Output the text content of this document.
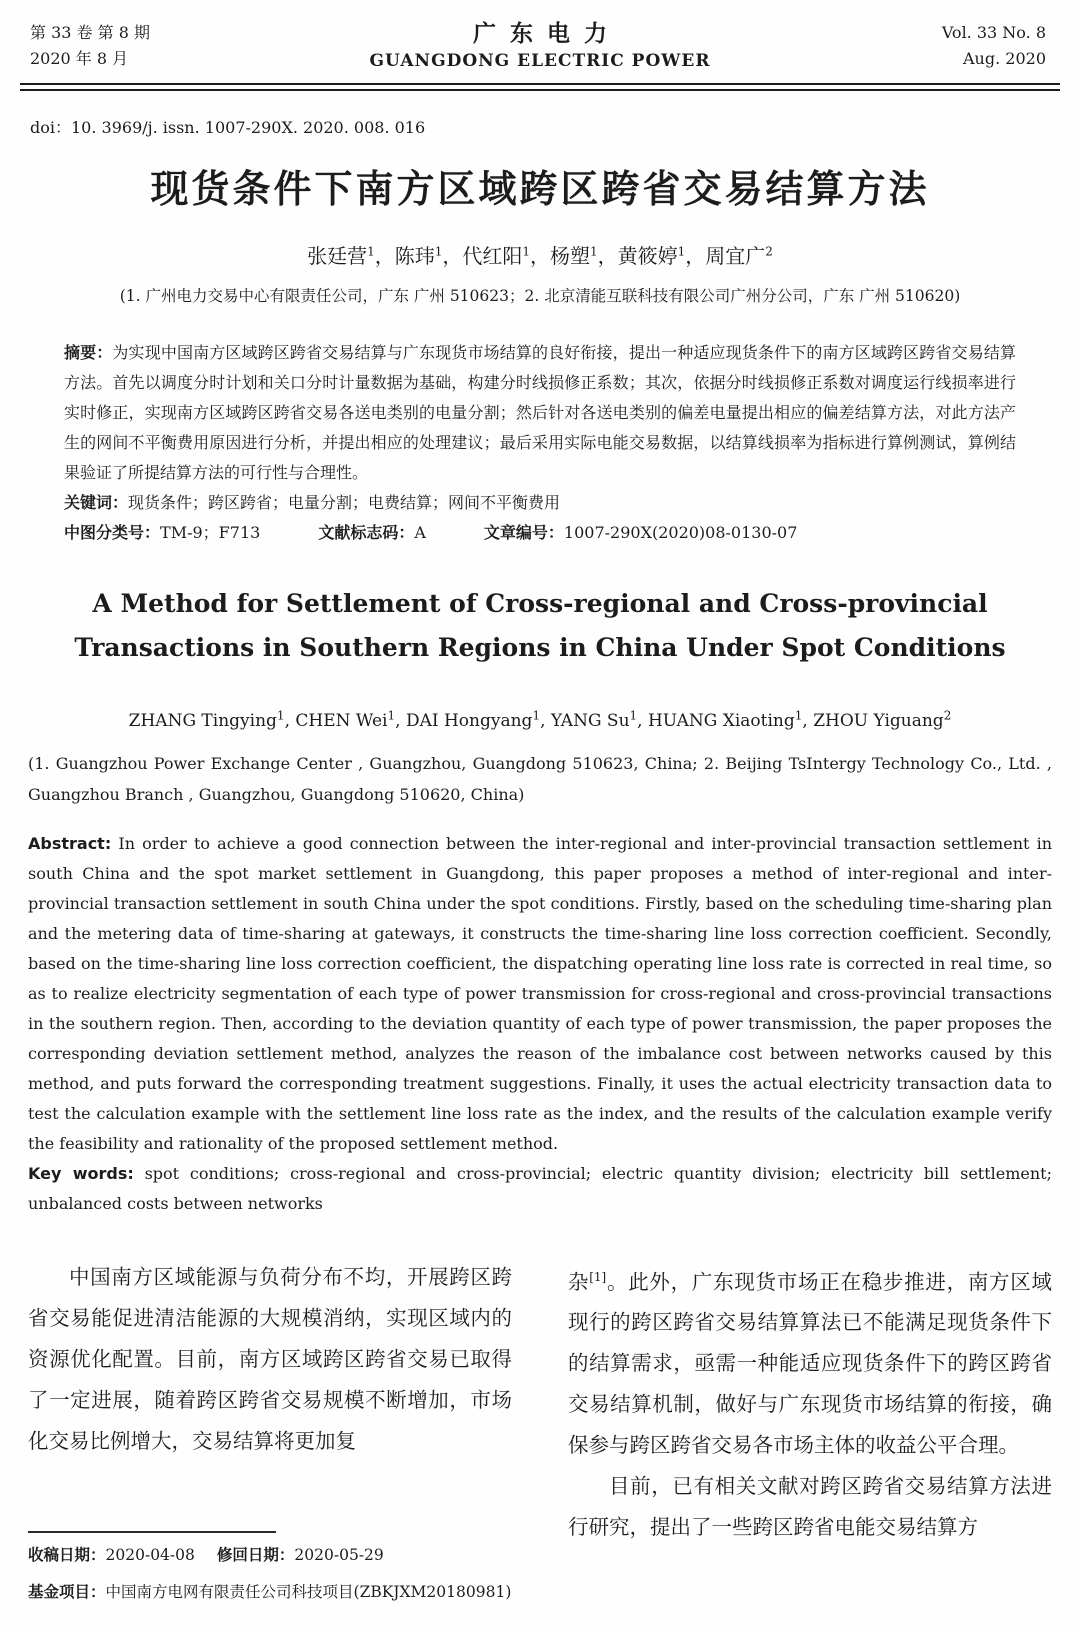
第 33 卷 第 8 期
2020 年 8 月
广东电力
GUANGDONG ELECTRIC POWER
Vol. 33 No. 8
Aug. 2020
doi：10. 3969/j. issn. 1007-290X. 2020. 008. 016
现货条件下南方区域跨区跨省交易结算方法
张廷营$^1$，陈玮$^1$，代红阳$^1$，杨塑$^1$，黄筱婷$^1$，周宜广$^2$
(1. 广州电力交易中心有限责任公司，广东 广州 510623；2. 北京清能互联科技有限公司广州分公司，广东 广州 510620)

摘要：为实现中国南方区域跨区跨省交易结算与广东现货市场结算的良好衔接，提出一种适应现货条件下的南方区域跨区跨省交易结算方法。首先以调度分时计划和关口分时计量数据为基础，构建分时线损修正系数；其次，依据分时线损修正系数对调度运行线损率进行实时修正，实现南方区域跨区跨省交易各送电类别的电量分割；然后针对各送电类别的偏差电量提出相应的偏差结算方法，对此方法产生的网间不平衡费用原因进行分析，并提出相应的处理建议；最后采用实际电能交易数据，以结算线损率为指标进行算例测试，算例结果验证了所提结算方法的可行性与合理性。

关键词：现货条件；跨区跨省；电量分割；电费结算；网间不平衡费用

中图分类号：TM-9；F713	文献标志码：A	文章编号：1007-290X(2020)08-0130-07
A Method for Settlement of Cross-regional and Cross-provincial
Transactions in Southern Regions in China Under Spot Conditions
ZHANG Tingying$^1$, CHEN Wei$^1$, DAI Hongyang$^1$, YANG Su$^1$, HUANG Xiaoting$^1$, ZHOU Yiguang$^2$

(1. Guangzhou Power Exchange Center , Guangzhou, Guangdong 510623, China; 2. Beijing TsIntergy Technology Co., Ltd. , Guangzhou Branch , Guangzhou, Guangdong 510620, China)

Abstract: In order to achieve a good connection between the inter-regional and inter-provincial transaction settlement in south China and the spot market settlement in Guangdong, this paper proposes a method of inter-regional and inter-provincial transaction settlement in south China under the spot conditions. Firstly, based on the scheduling time-sharing plan and the metering data of time-sharing at gateways, it constructs the time-sharing line loss correction coefficient. Secondly, based on the time-sharing line loss correction coefficient, the dispatching operating line loss rate is corrected in real time, so as to realize electricity segmentation of each type of power transmission for cross-regional and cross-provincial transactions in the southern region. Then, according to the deviation quantity of each type of power transmission, the paper proposes the corresponding deviation settlement method, analyzes the reason of the imbalance cost between networks caused by this method, and puts forward the corresponding treatment suggestions. Finally, it uses the actual electricity transaction data to test the calculation example with the settlement line loss rate as the index, and the results of the calculation example verify the feasibility and rationality of the proposed settlement method.

Key words: spot conditions; cross-regional and cross-provincial; electric quantity division; electricity bill settlement; unbalanced costs between networks

中国南方区域能源与负荷分布不均，开展跨区跨省交易能促进清洁能源的大规模消纳，实现区域内的资源优化配置。目前，南方区域跨区跨省交易已取得了一定进展，随着跨区跨省交易规模不断增加，市场化交易比例增大，交易结算将更加复

收稿日期：2020-04-08 修回日期：2020-05-29
基金项目：中国南方电网有限责任公司科技项目(ZBKJXM20180981)

杂[1]。此外，广东现货市场正在稳步推进，南方区域现行的跨区跨省交易结算算法已不能满足现货条件下的结算需求，亟需一种能适应现货条件下的跨区跨省交易结算机制，做好与广东现货市场结算的衔接，确保参与跨区跨省交易各市场主体的收益公平合理。

目前，已有相关文献对跨区跨省交易结算方法进行研究，提出了一些跨区跨省电能交易结算方
